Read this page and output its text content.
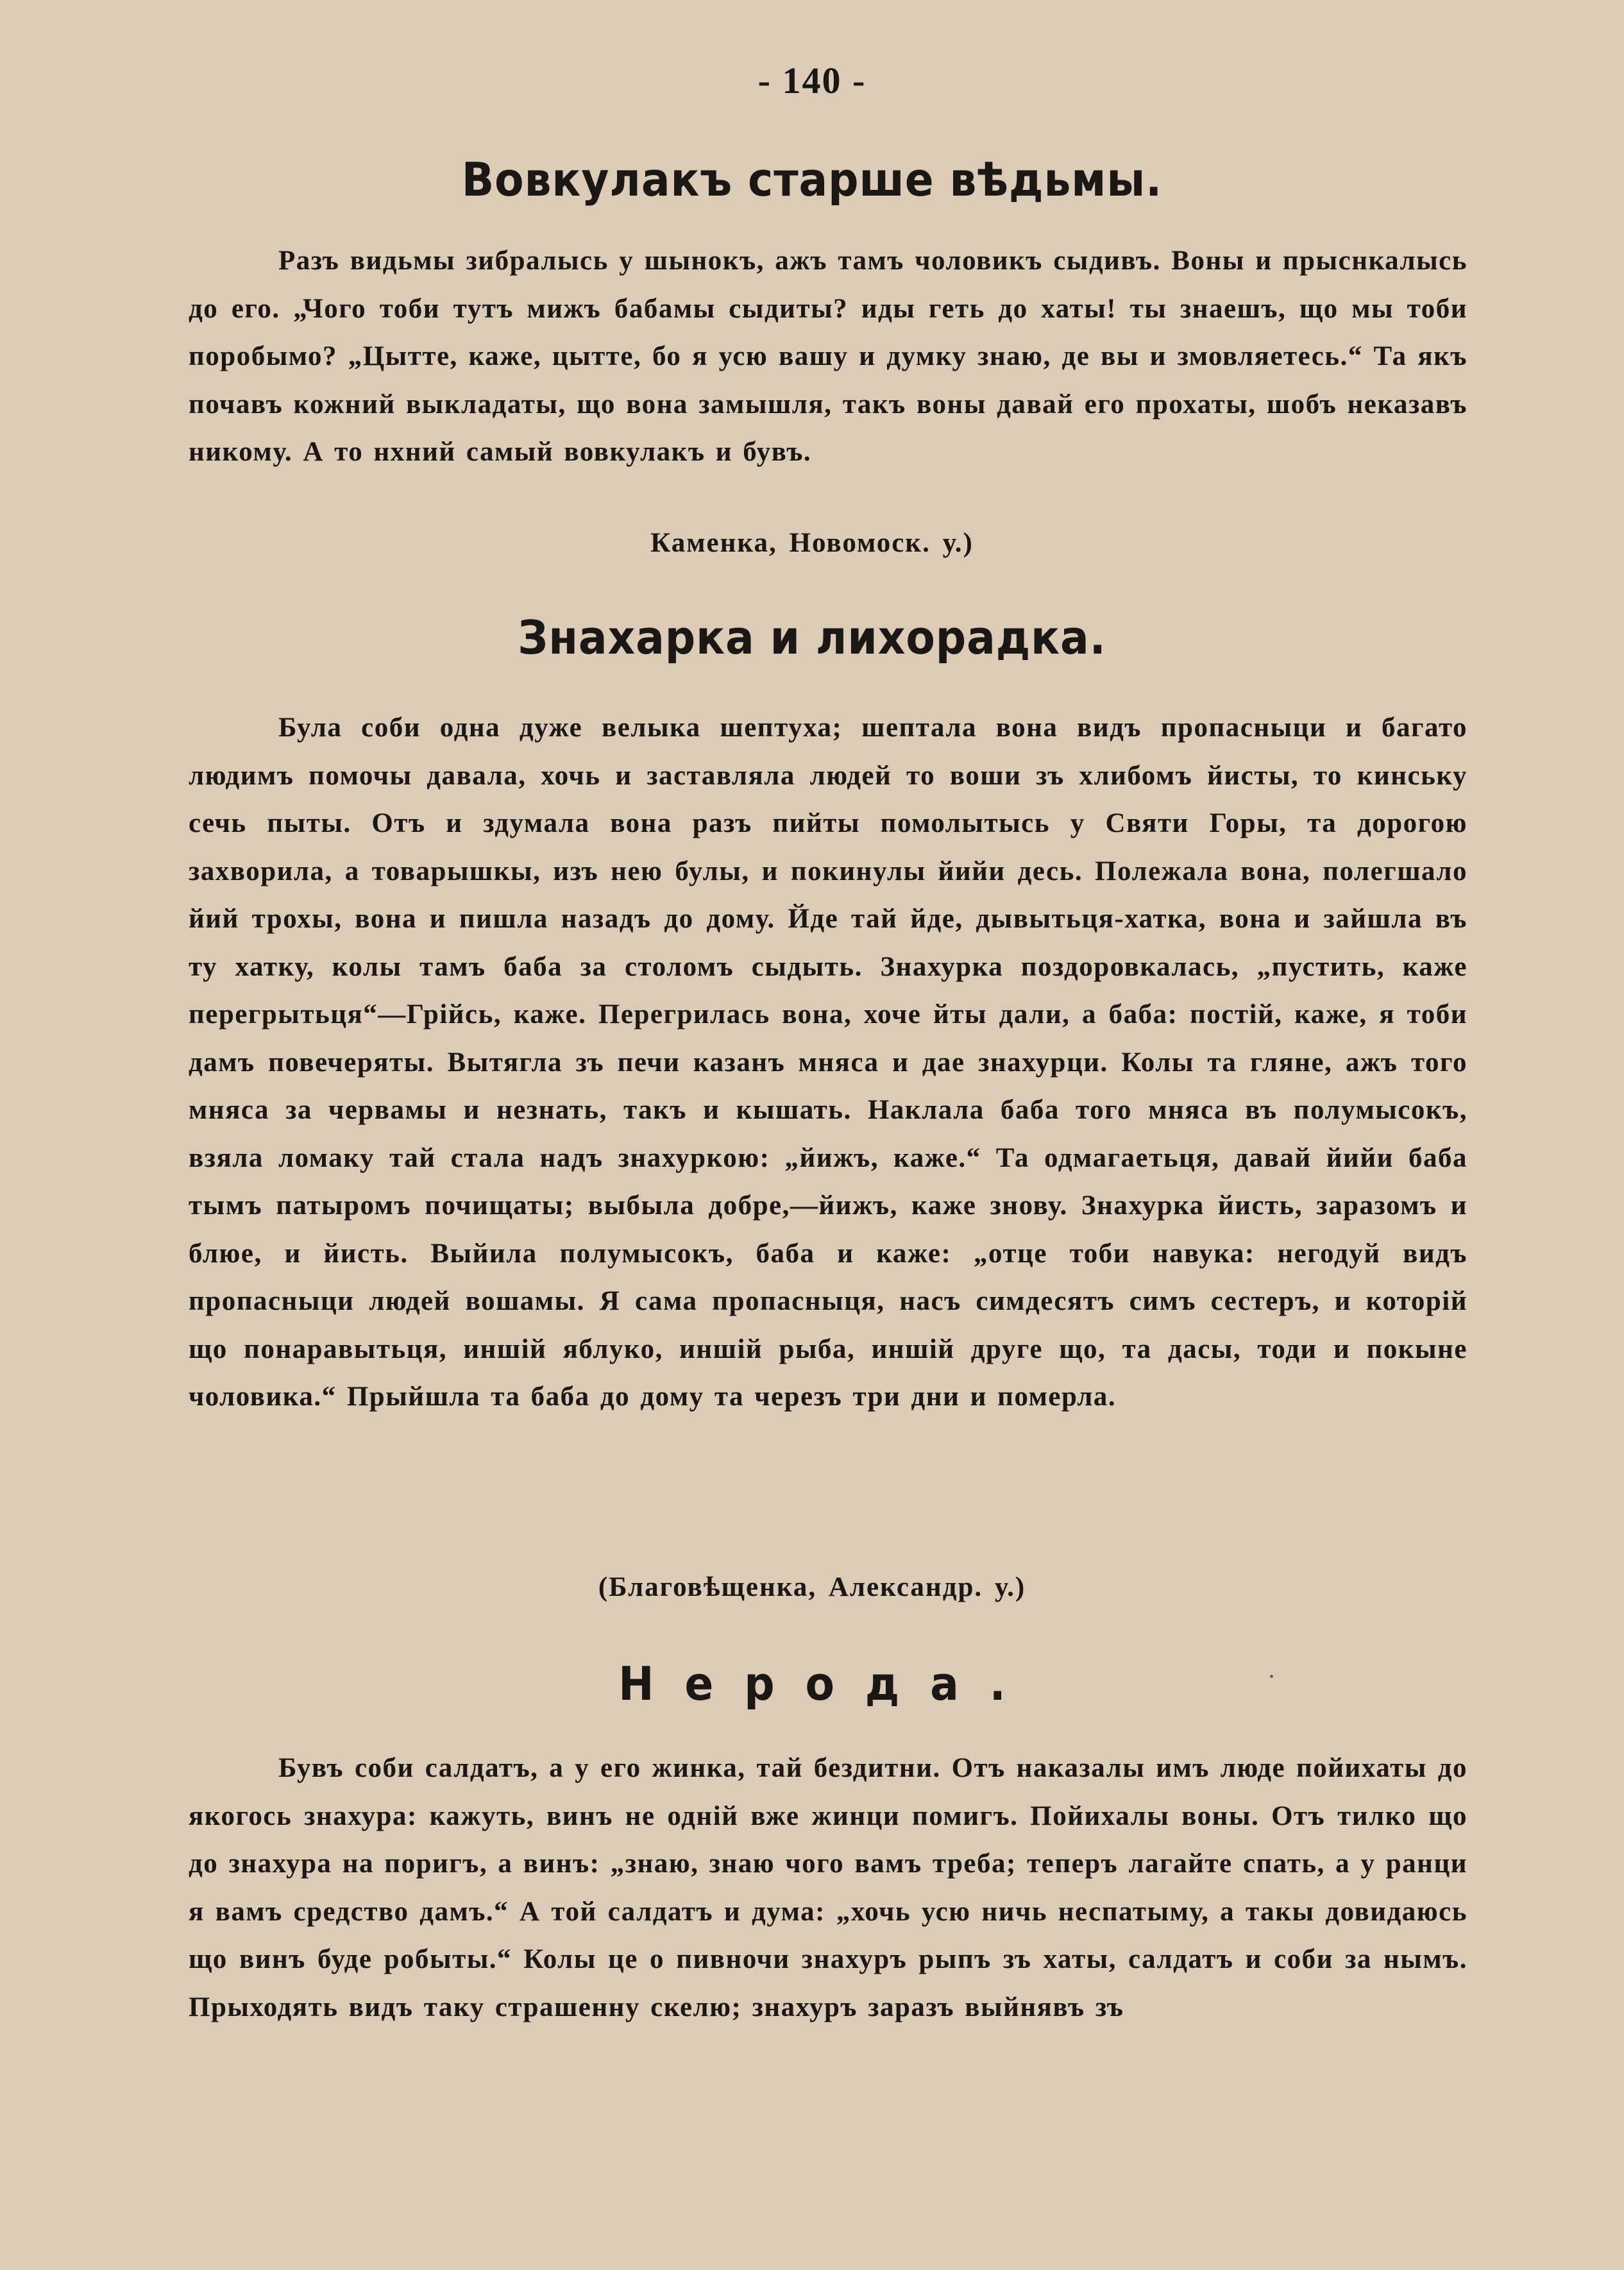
- 140 -
Вовкулакъ старше вѣдьмы.
Разъ видьмы зибралысь у шынокъ, ажъ тамъ чоловикъ сыдивъ. Воны и прыснкалысь до его. „Чого тоби тутъ мижъ бабамы сыдиты? иды геть до хаты! ты знаешъ, що мы тоби поробымо? „Цытте, каже, цытте, бо я усю вашу и думку знаю, де вы и змовляетесь.“ Та якъ почавъ кожний выкладаты, що вона замышля, такъ воны давай его прохаты, шобъ неказавъ никому. А то нхний самый вовкулакъ и бувъ.
Каменка, Новомоск. у.)
Знахарка и лихорадка.
Була соби одна дуже велыка шептуха; шептала вона видъ пропасныци и багато людимъ помочы давала, хочь и заставляла людей то воши зъ хлибомъ йисты, то кинську сечь пыты. Отъ и здумала вона разъ пийты помолытысь у Святи Горы, та дорогою захворила, а товарышкы, изъ нею булы, и покинулы йийи десь. Полежала вона, полегшало йий трохы, вона и пишла назадъ до дому. Йде тай йде, дывытьця-хатка, вона и зайшла въ ту хатку, колы тамъ баба за столомъ сыдыть. Знахурка поздоровкалась, „пустить, каже перегрытьця“—Грійсь, каже. Перегрилась вона, хоче йты дали, а баба: постій, каже, я тоби дамъ повечеряты. Вытягла зъ печи казанъ мняса и дае знахурци. Колы та гляне, ажъ того мняса за червамы и незнать, такъ и кышать. Наклала баба того мняса въ полумысокъ, взяла ломаку тай стала надъ знахуркою: „йижъ, каже.“ Та одмагаетьця, давай йийи баба тымъ патыромъ почищаты; выбыла добре,—йижъ, каже знову. Знахурка йисть, заразомъ и блюе, и йисть. Выйила полумысокъ, баба и каже: „отце тоби навука: негодуй видъ пропасныци людей вошамы. Я сама пропасныця, насъ симдесятъ симъ сестеръ, и которій що понаравытьця, иншій яблуко, иншій рыба, иншій друге що, та дасы, тоди и покыне чоловика.“ Прыйшла та баба до дому та черезъ три дни и померла.
(Благовѣщенка, Александр. у.)
Нерода.
Бувъ соби салдатъ, а у его жинка, тай бездитни. Отъ наказалы имъ люде пойихаты до якогось знахура: кажуть, винъ не одній вже жинци помигъ. Пойихалы воны. Отъ тилко що до знахура на поригъ, а винъ: „знаю, знаю чого вамъ треба; теперъ лагайте спать, а у ранци я вамъ средство дамъ.“ А той салдатъ и дума: „хочь усю ничь неспатыму, а такы довидаюсь що винъ буде робыты.“ Колы це о пивночи знахуръ рыпъ зъ хаты, салдатъ и соби за нымъ. Прыходять видъ таку страшенну скелю; знахуръ заразъ выйнявъ зъ
